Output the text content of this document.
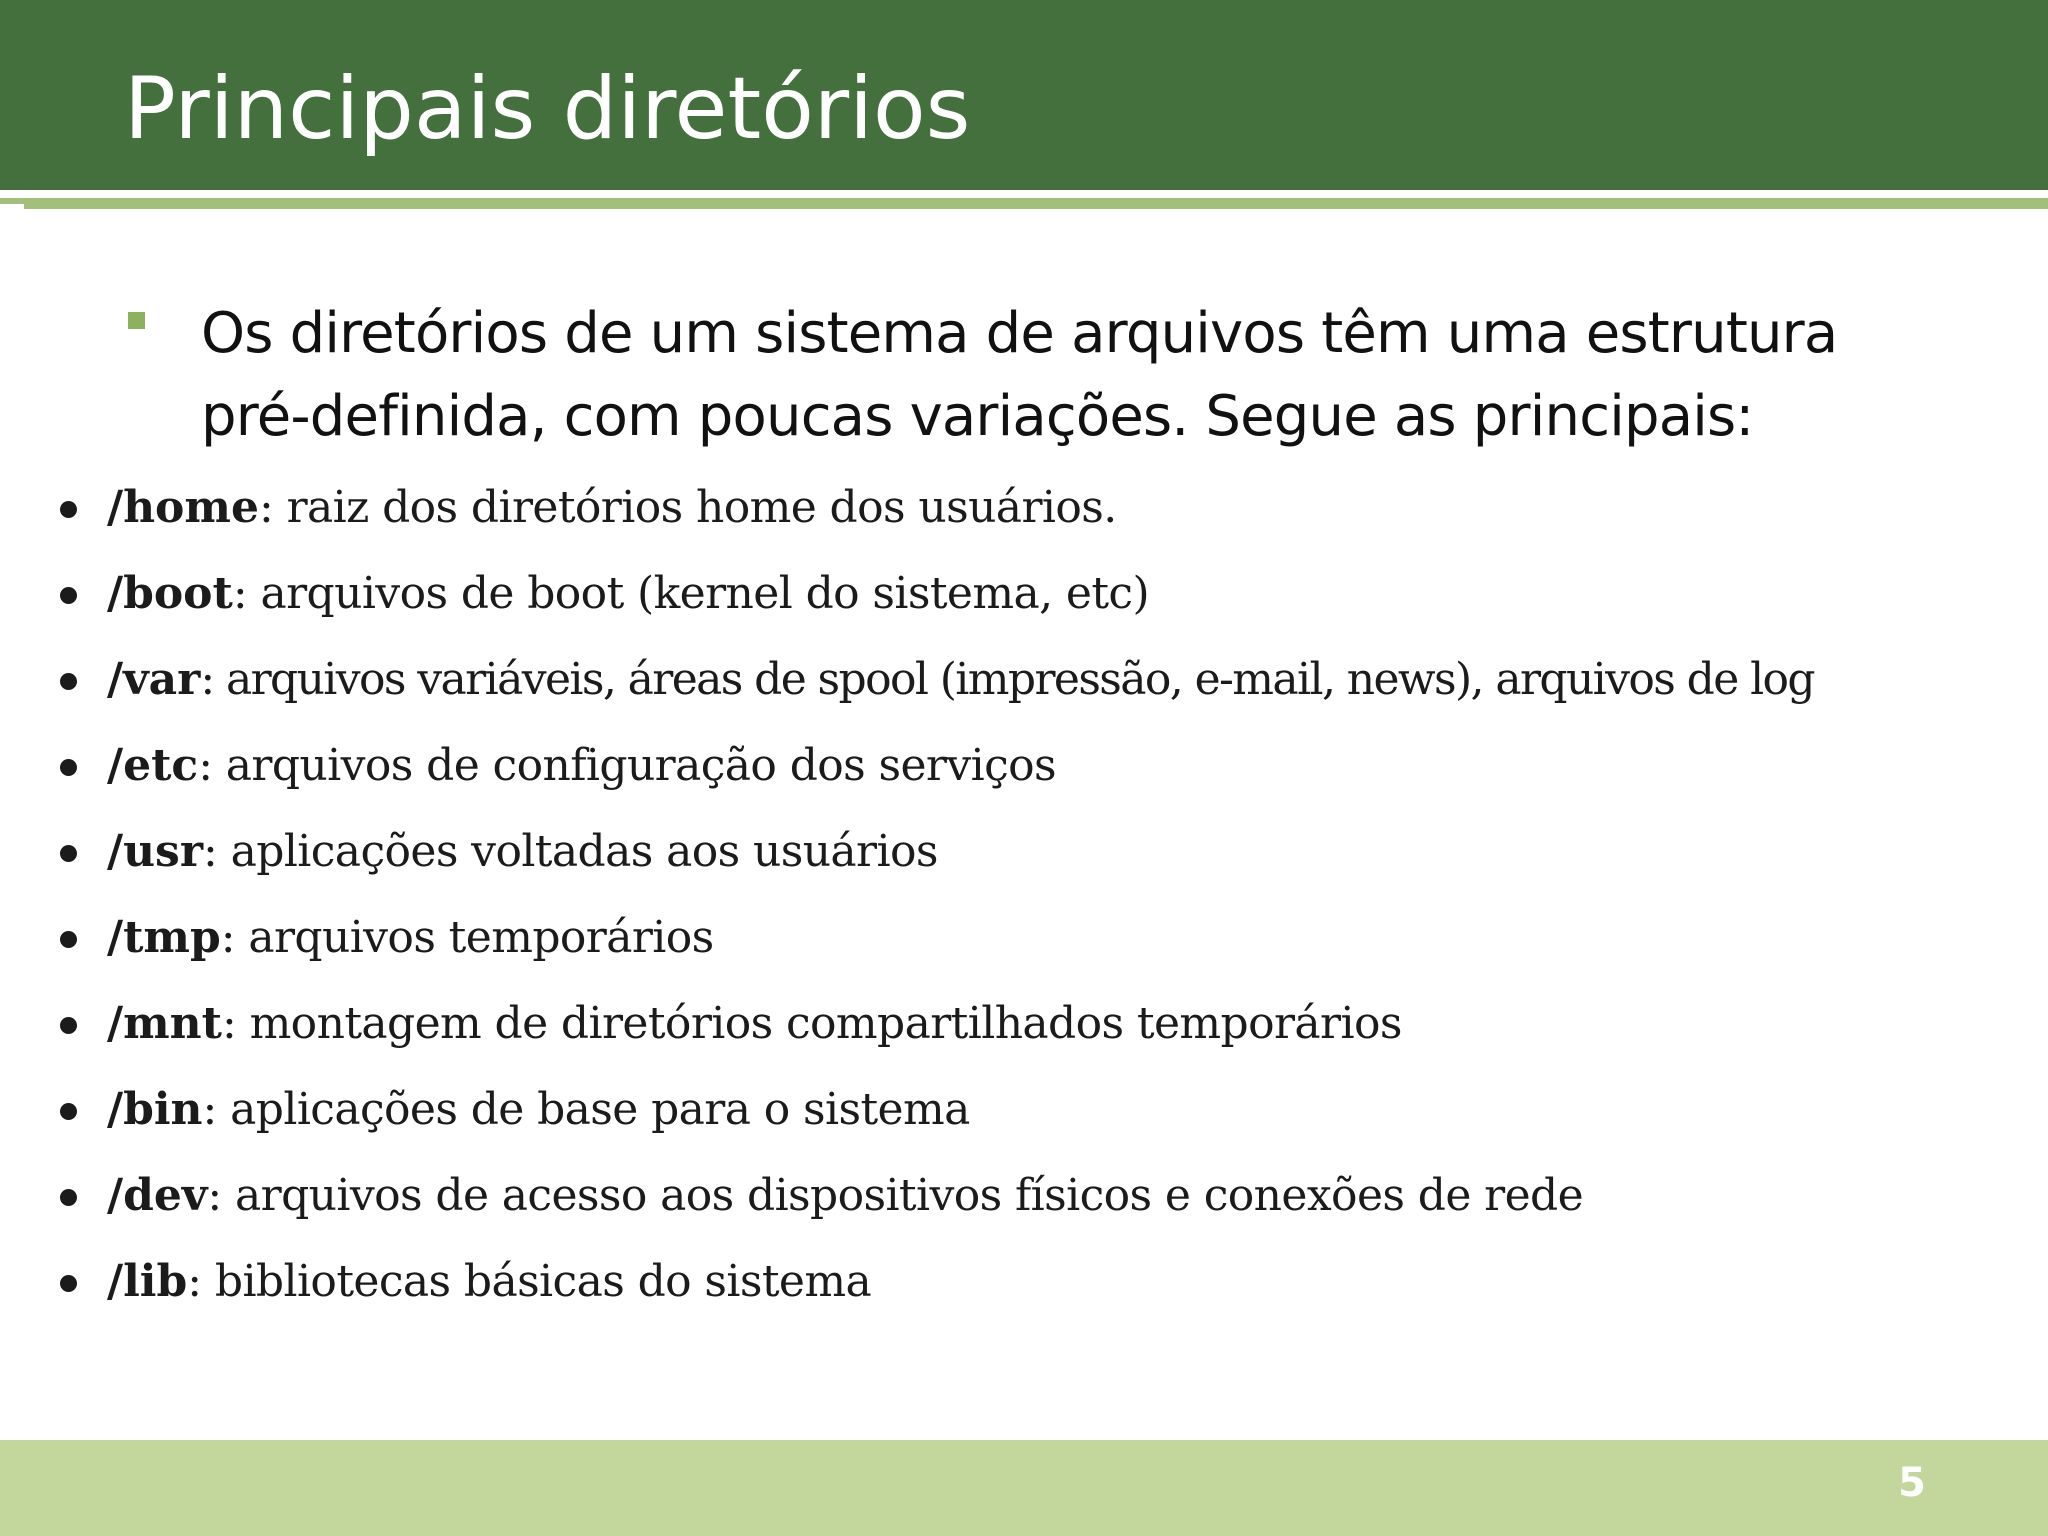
Principais diretórios

Os diretórios de um sistema de arquivos têm uma estrutura pré-definida, com poucas variações. Segue as principais:

/home: raiz dos diretórios home dos usuários.
/boot: arquivos de boot (kernel do sistema, etc)
/var: arquivos variáveis, áreas de spool (impressão, e-mail, news), arquivos de log
/etc: arquivos de configuração dos serviços
/usr: aplicações voltadas aos usuários
/tmp: arquivos temporários
/mnt: montagem de diretórios compartilhados temporários
/bin: aplicações de base para o sistema
/dev: arquivos de acesso aos dispositivos físicos e conexões de rede
/lib: bibliotecas básicas do sistema
5
